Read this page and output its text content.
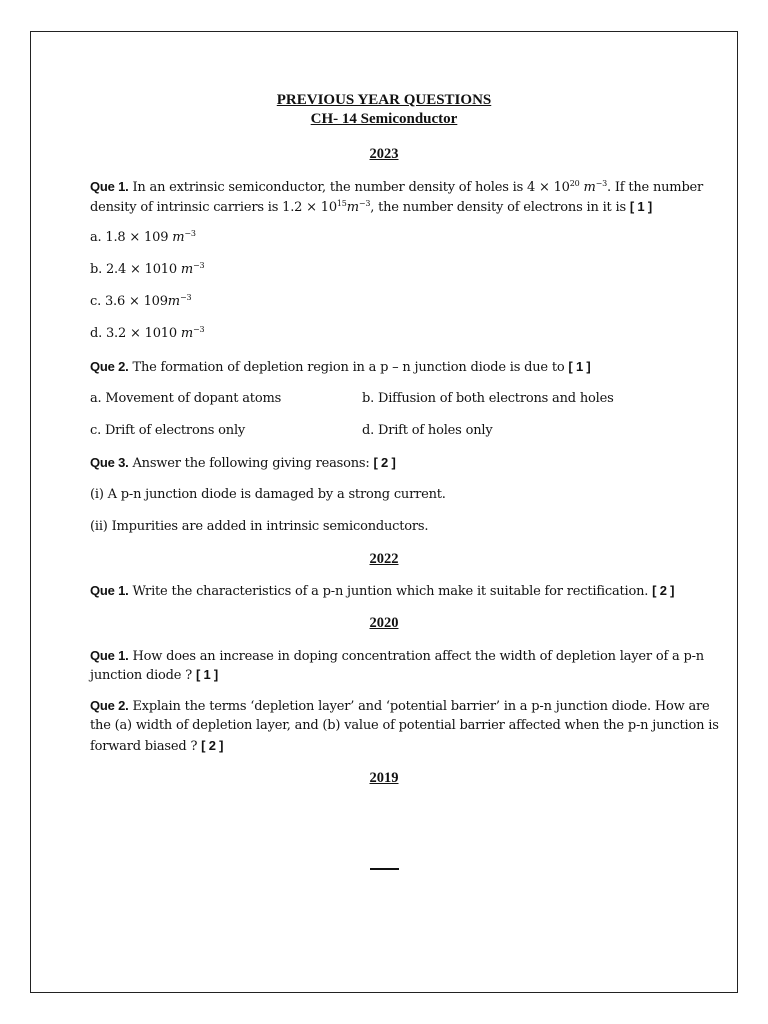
PREVIOUS YEAR QUESTIONS
CH- 14 Semiconductor
2023
Que 1. In an extrinsic semiconductor, the number density of holes is $4 \times 10^{20}$ $m^{-3}$. If the number
density of intrinsic carriers is $1.2 \times 10^{15}m^{-3}$, the number density of electrons in it is [ 1 ]
a. 1.8 × 109 $m^{-3}$
b. 2.4 × 1010 $m^{-3}$
c. $3.6 \times 109m^{-3}$
d. 3.2 × 1010 $m^{-3}$
Que 2. The formation of depletion region in a p – n junction diode is due to [ 1 ]
a. Movement of dopant atoms	b. Diffusion of both electrons and holes
c. Drift of electrons only	d. Drift of holes only
Que 3. Answer the following giving reasons: [ 2 ]
(i) A p-n junction diode is damaged by a strong current.
(ii) Impurities are added in intrinsic semiconductors.
2022
Que 1. Write the characteristics of a p-n juntion which make it suitable for rectification. [ 2 ]
2020
Que 1. How does an increase in doping concentration affect the width of depletion layer of a p-n
junction diode ? [ 1 ]
Que 2. Explain the terms ‘depletion layer’ and ‘potential barrier’ in a p-n junction diode. How are
the (a) width of depletion layer, and (b) value of potential barrier affected when the p-n junction is
forward biased ? [ 2 ]
2019
